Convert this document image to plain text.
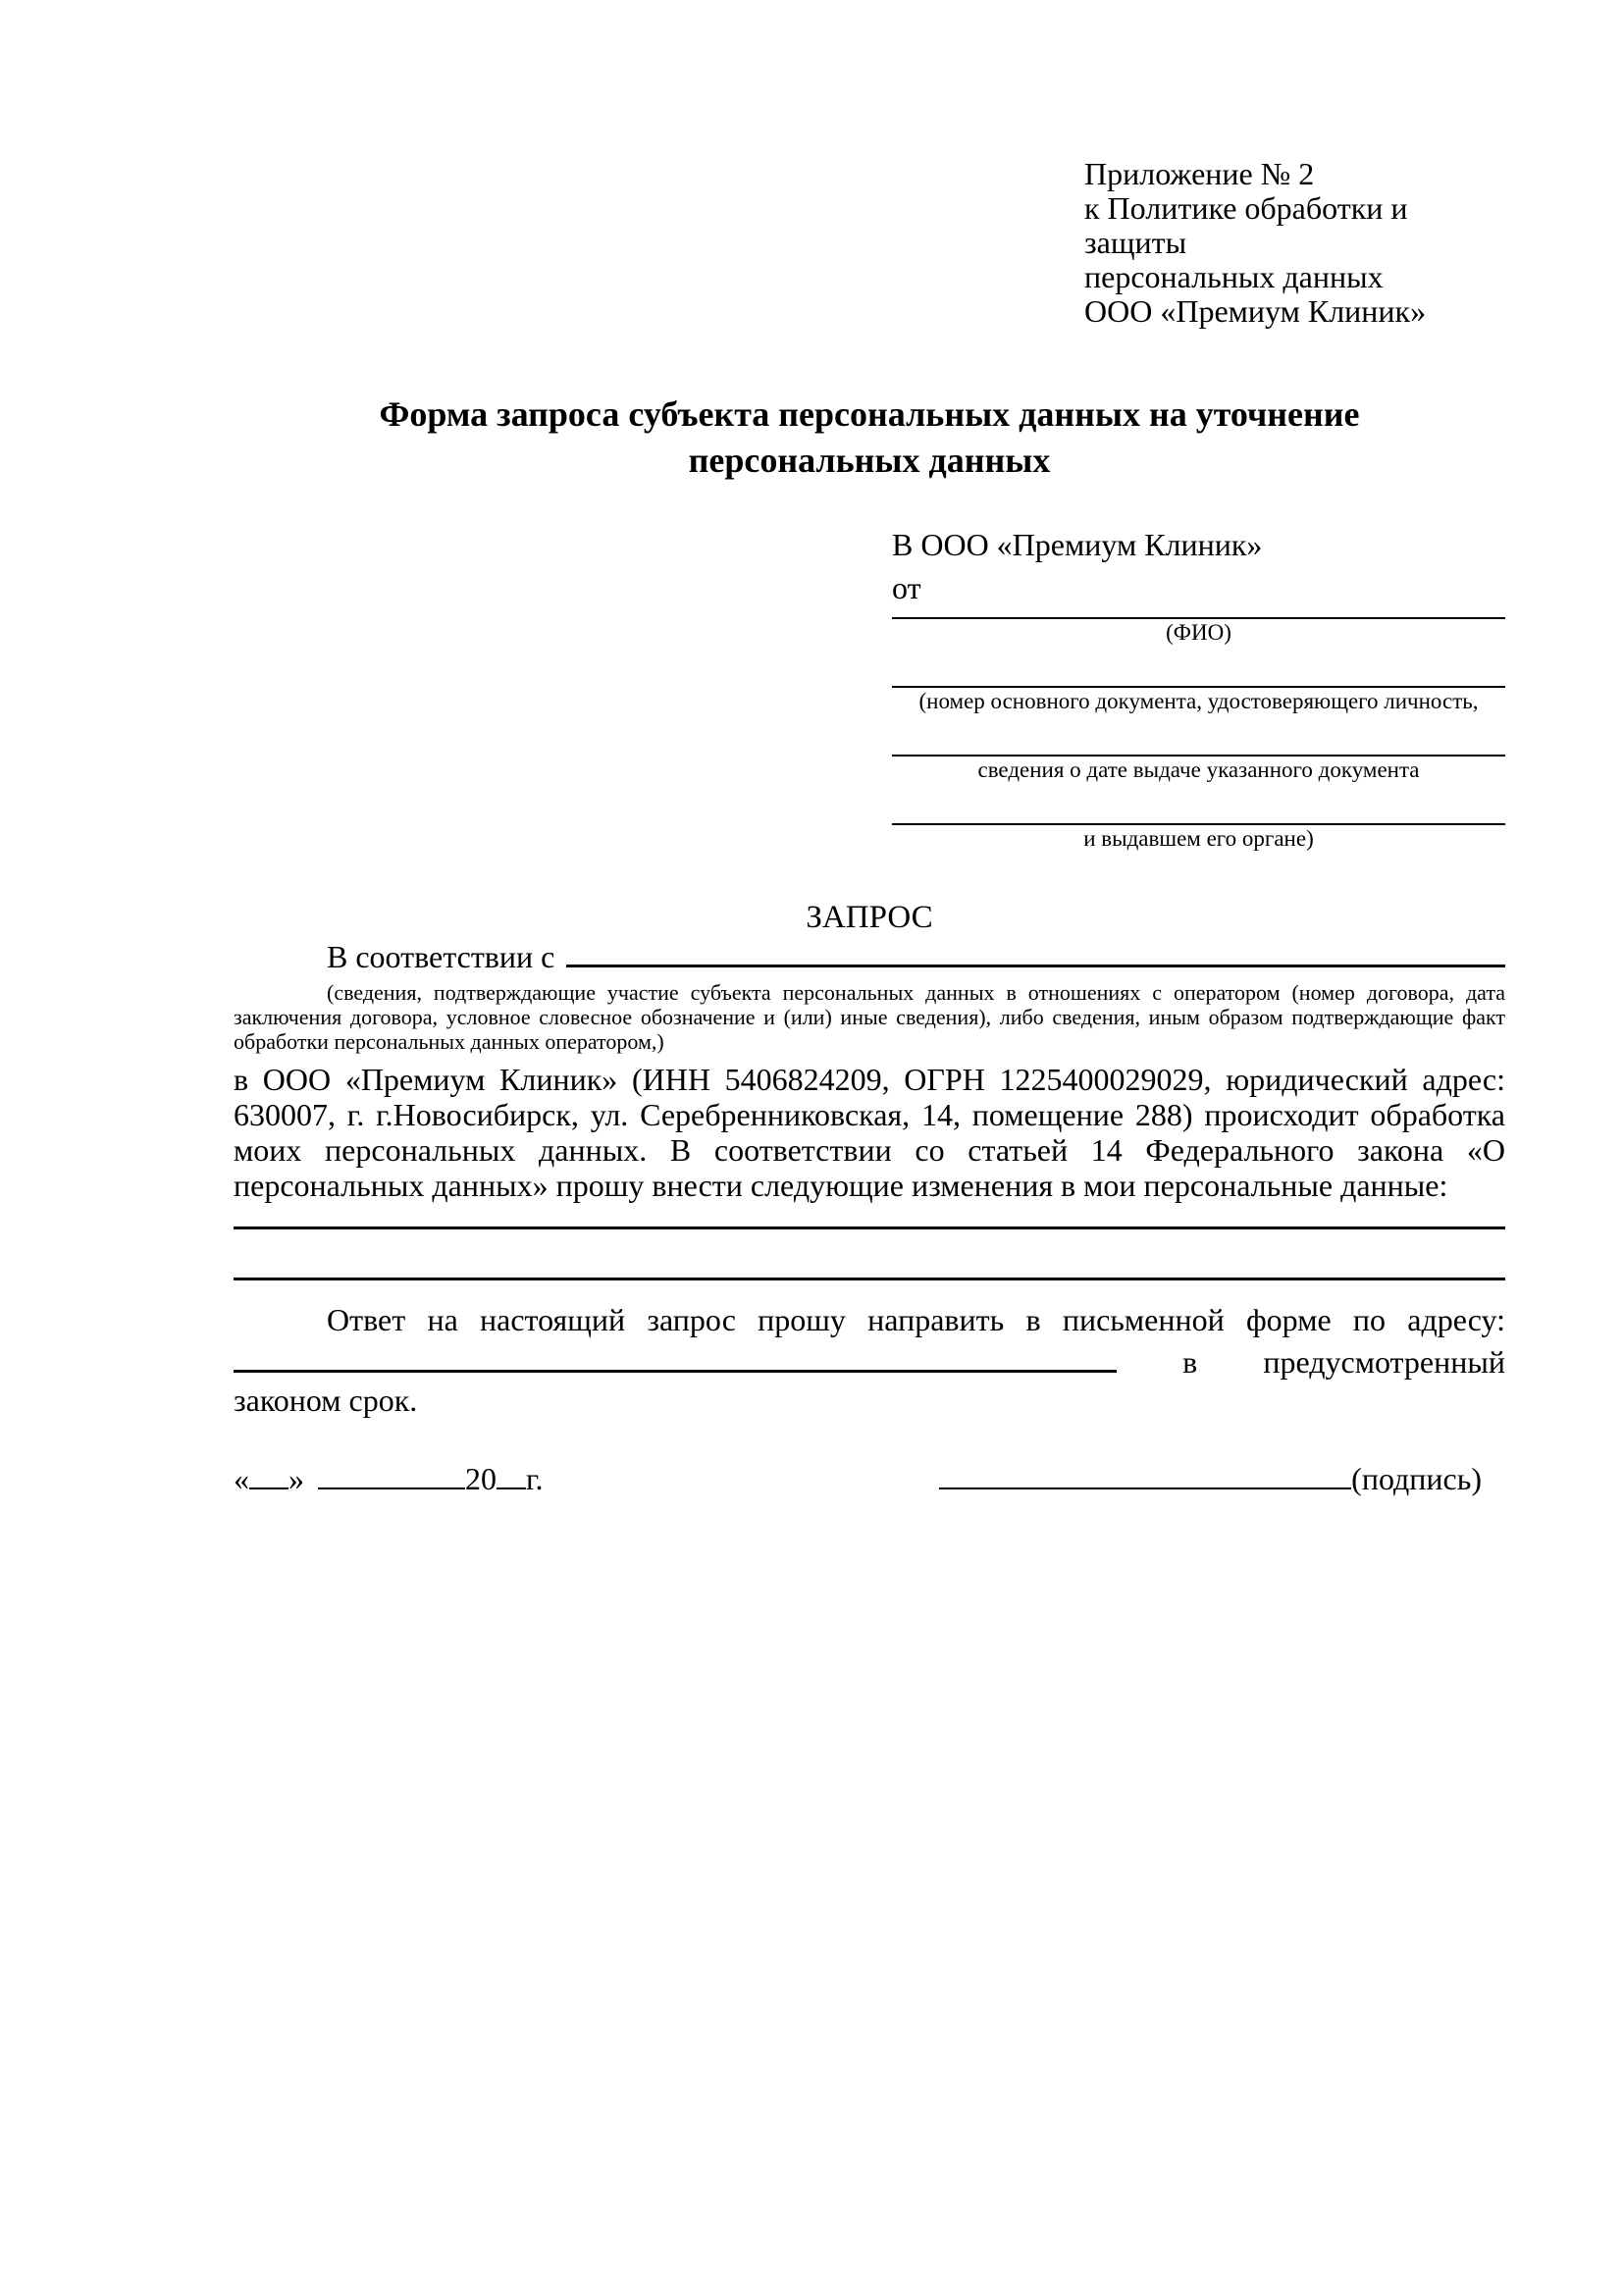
Приложение № 2
к Политике обработки и защиты
персональных данных
ООО «Премиум Клиник»
Форма запроса субъекта персональных данных на уточнение
персональных данных
В ООО «Премиум Клиник»
от
(ФИО)
(номер основного документа, удостоверяющего личность,
сведения о дате выдаче указанного документа
и выдавшем его органе)
ЗАПРОС
В соответствии с
(сведения, подтверждающие участие субъекта персональных данных в отношениях с оператором (номер договора, дата заключения договора, условное словесное обозначение и (или) иные сведения), либо сведения, иным образом подтверждающие факт обработки персональных данных оператором,)
в ООО «Премиум Клиник» (ИНН 5406824209, ОГРН 1225400029029, юридический адрес: 630007, г. г.Новосибирск, ул. Серебренниковская, 14, помещение 288) происходит обработка моих персональных данных. В соответствии со статьей 14 Федерального закона «О персональных данных» прошу внести следующие изменения в мои персональные данные:
Ответ на настоящий запрос прошу направить в письменной форме по адресу:
в предусмотренный
законом срок.
« »	20 г.	(подпись)
